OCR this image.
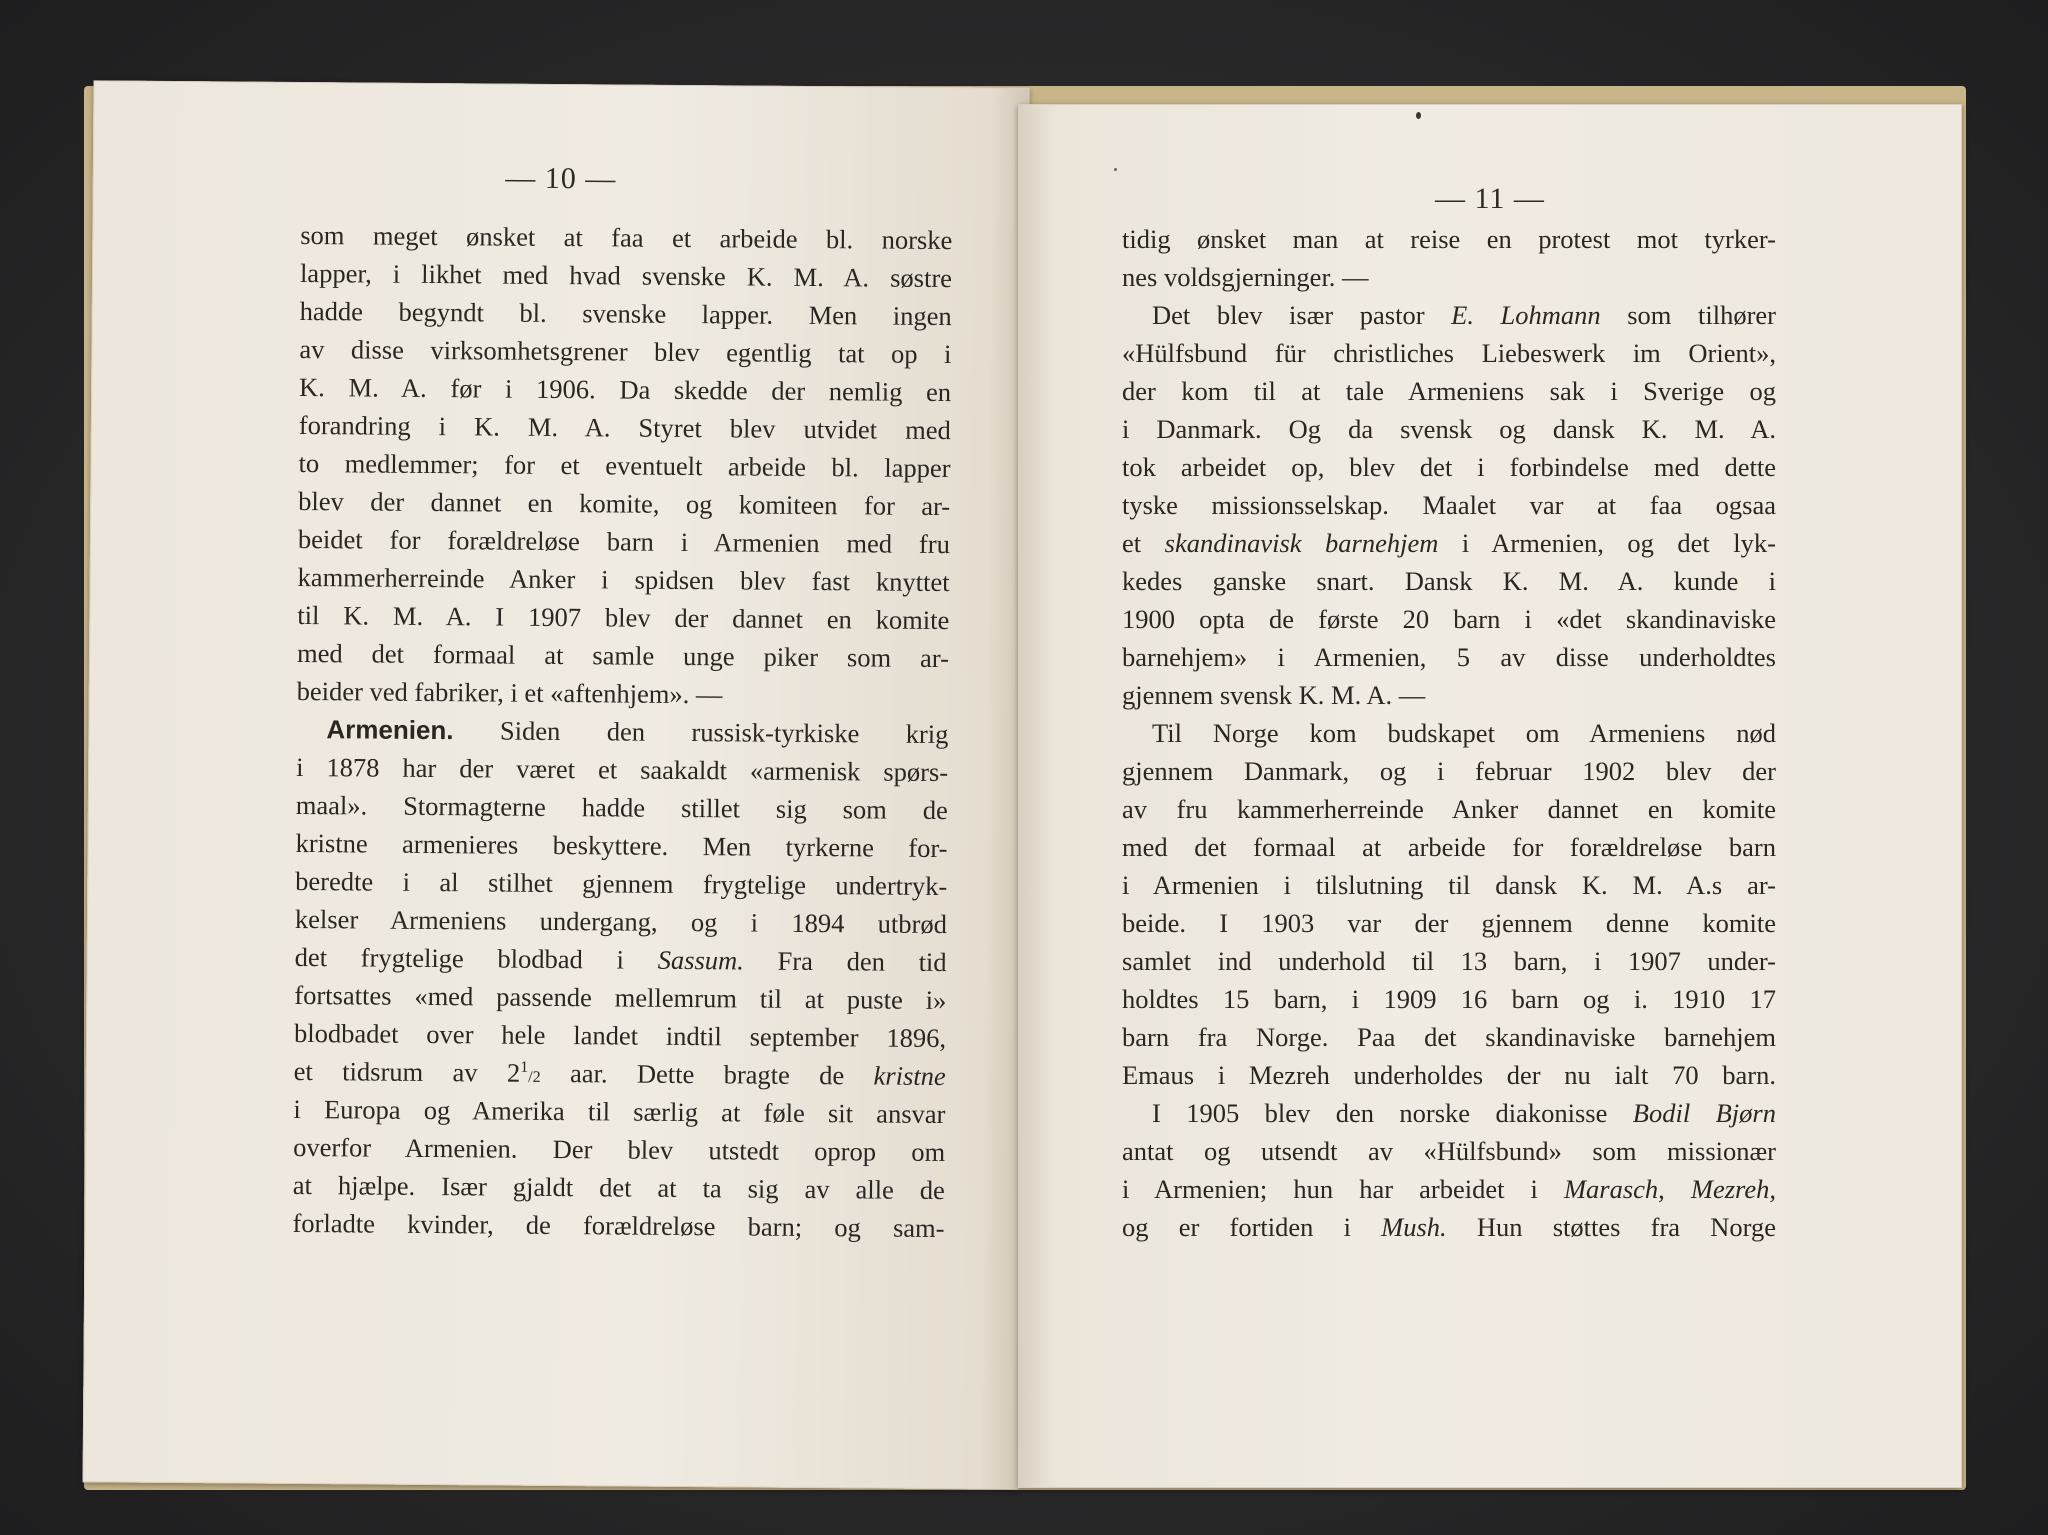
— 10 —
som meget ønsket at faa et arbeide bl. norske
lapper, i likhet med hvad svenske K. M. A. søstre
hadde begyndt bl. svenske lapper. Men ingen
av disse virksomhetsgrener blev egentlig tat op i
K. M. A. før i 1906. Da skedde der nemlig en
forandring i K. M. A. Styret blev utvidet med
to medlemmer; for et eventuelt arbeide bl. lapper
blev der dannet en komite, og komiteen for ar-
beidet for forældreløse barn i Armenien med fru
kammerherreinde Anker i spidsen blev fast knyttet
til K. M. A. I 1907 blev der dannet en komite
med det formaal at samle unge piker som ar-
beider ved fabriker, i et «aftenhjem». —
Armenien. Siden den russisk-tyrkiske krig
i 1878 har der været et saakaldt «armenisk spørs-
maal». Stormagterne hadde stillet sig som de
kristne armenieres beskyttere. Men tyrkerne for-
beredte i al stilhet gjennem frygtelige undertryk-
kelser Armeniens undergang, og i 1894 utbrød
det frygtelige blodbad i Sassum. Fra den tid
fortsattes «med passende mellemrum til at puste i»
blodbadet over hele landet indtil september 1896,
et tidsrum av $2^1/2$ aar. Dette bragte de kristne
i Europa og Amerika til særlig at føle sit ansvar
overfor Armenien. Der blev utstedt oprop om
at hjælpe. Især gjaldt det at ta sig av alle de
forladte kvinder, de forældreløse barn; og sam-
— 11 —
tidig ønsket man at reise en protest mot tyrker-
nes voldsgjerninger. —
Det blev især pastor E. Lohmann som tilhører
«Hülfsbund für christliches Liebeswerk im Orient»,
der kom til at tale Armeniens sak i Sverige og
i Danmark. Og da svensk og dansk K. M. A.
tok arbeidet op, blev det i forbindelse med dette
tyske missionsselskap. Maalet var at faa ogsaa
et skandinavisk barnehjem i Armenien, og det lyk-
kedes ganske snart. Dansk K. M. A. kunde i
1900 opta de første 20 barn i «det skandinaviske
barnehjem» i Armenien, 5 av disse underholdtes
gjennem svensk K. M. A. —
Til Norge kom budskapet om Armeniens nød
gjennem Danmark, og i februar 1902 blev der
av fru kammerherreinde Anker dannet en komite
med det formaal at arbeide for forældreløse barn
i Armenien i tilslutning til dansk K. M. A.s ar-
beide. I 1903 var der gjennem denne komite
samlet ind underhold til 13 barn, i 1907 under-
holdtes 15 barn, i 1909 16 barn og i. 1910 17
barn fra Norge. Paa det skandinaviske barnehjem
Emaus i Mezreh underholdes der nu ialt 70 barn.
I 1905 blev den norske diakonisse Bodil Bjørn
antat og utsendt av «Hülfsbund» som missionær
i Armenien; hun har arbeidet i Marasch, Mezreh,
og er fortiden i Mush. Hun støttes fra Norge
